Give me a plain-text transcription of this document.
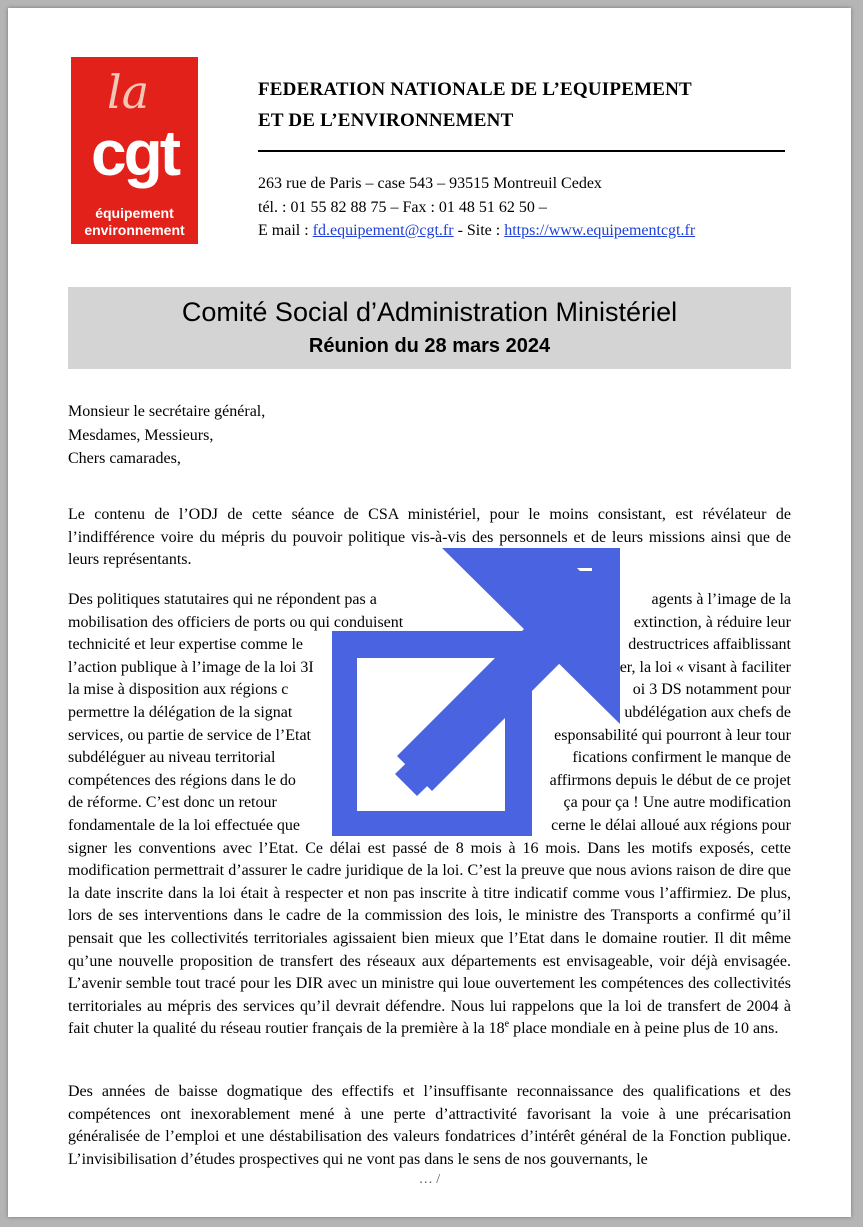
la
cgt
équipement
environnement
FEDERATION NATIONALE DE L’EQUIPEMENT
ET DE L’ENVIRONNEMENT
263 rue de Paris – case 543 – 93515 Montreuil Cedex
tél. : 01 55 82 88 75 – Fax : 01 48 51 62 50 –
E mail : fd.equipement@cgt.fr - Site : https://www.equipementcgt.fr
Comité Social d’Administration Ministériel
Réunion du 28 mars 2024
Monsieur le secrétaire général,
Mesdames, Messieurs,
Chers camarades,
Le contenu de l’ODJ de cette séance de CSA ministériel, pour le moins consistant, est révélateur de l’indifférence voire du mépris du pouvoir politique vis-à-vis des personnels et de leurs missions ainsi que de leurs représentants.
Des politiques statutaires qui ne répondent pas a	agents à l’image de la
mobilisation des officiers de ports ou qui conduisent	extinction, à réduire leur
technicité et leur expertise comme le	destructrices affaiblissant
l’action publique à l’image de la loi 3I	er, la loi « visant à faciliter
la mise à disposition aux régions c	oi 3 DS notamment pour
permettre la délégation de la signat	ubdélégation aux chefs de
services, ou partie de service de l’Etat	esponsabilité qui pourront à leur tour
subdéléguer au niveau territorial	fications confirment le manque de
compétences des régions dans le do	affirmons depuis le début de ce projet
de réforme. C’est donc un retour	ça pour ça ! Une autre modification
fondamentale de la loi effectuée que	cerne le délai alloué aux régions pour
signer les conventions avec l’Etat. Ce délai est passé de 8 mois à 16 mois. Dans les motifs exposés, cette modification permettrait d’assurer le cadre juridique de la loi. C’est la preuve que nous avions raison de dire que la date inscrite dans la loi était à respecter et non pas inscrite à titre indicatif comme vous l’affirmiez. De plus, lors de ses interventions dans le cadre de la commission des lois, le ministre des Transports a confirmé qu’il pensait que les collectivités territoriales agissaient bien mieux que l’Etat dans le domaine routier. Il dit même qu’une nouvelle proposition de transfert des réseaux aux départements est envisageable, voir déjà envisagée. L’avenir semble tout tracé pour les DIR avec un ministre qui loue ouvertement les compétences des collectivités territoriales au mépris des services qu’il devrait défendre. Nous lui rappelons que la loi de transfert de 2004 à fait chuter la qualité du réseau routier français de la première à la 18e place mondiale en à peine plus de 10 ans.
Des années de baisse dogmatique des effectifs et l’insuffisante reconnaissance des qualifications et des compétences ont inexorablement mené à une perte d’attractivité favorisant la voie à une précarisation généralisée de l’emploi et une déstabilisation des valeurs fondatrices d’intérêt général de la Fonction publique. L’invisibilisation d’études prospectives qui ne vont pas dans le sens de nos gouvernants, le
… /
